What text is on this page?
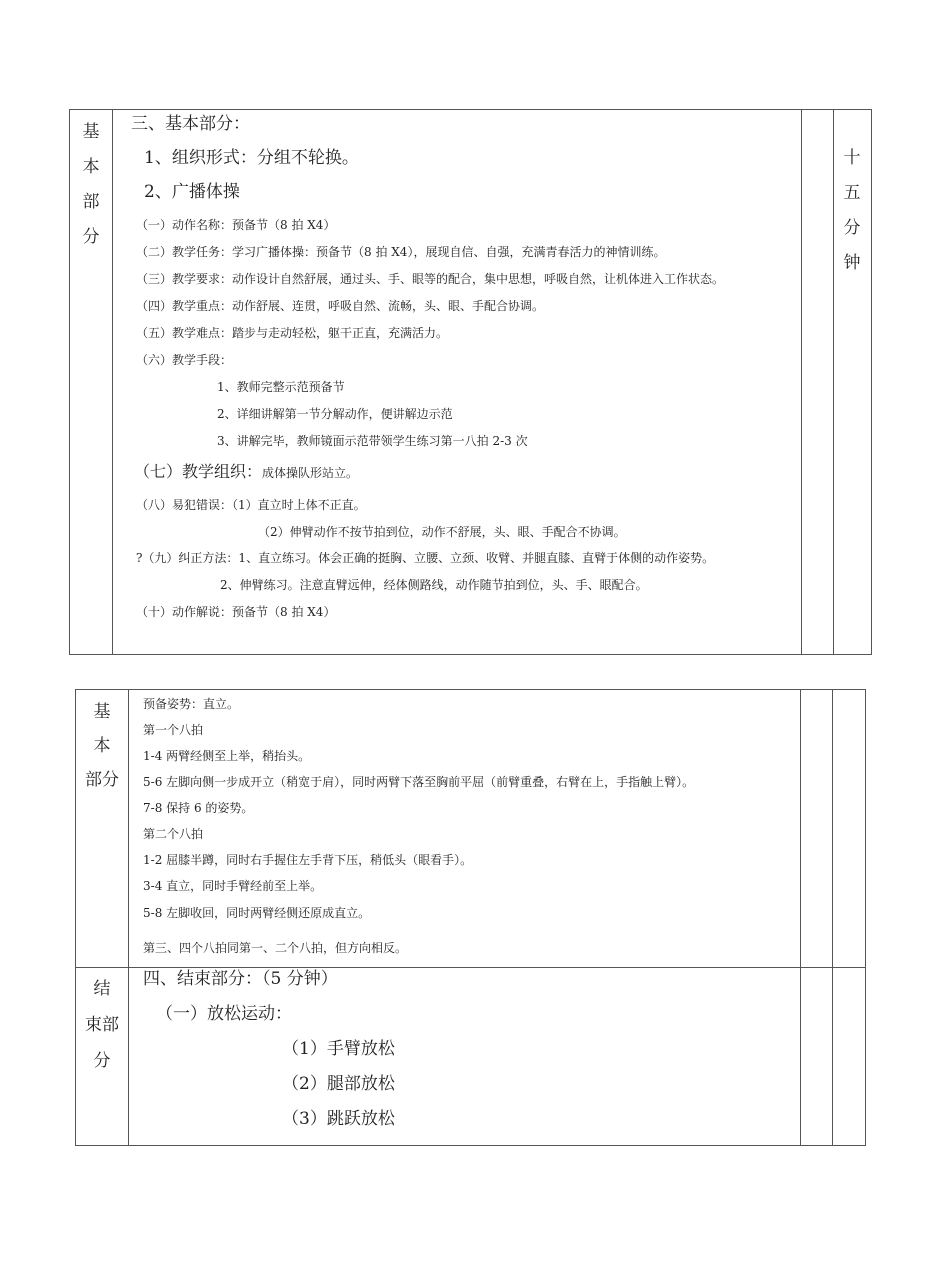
基
本
部
分
十
五
分
钟
三、基本部分：
1、组织形式：分组不轮换。
2、广播体操
（一）动作名称：预备节（8 拍 X4）
（二）教学任务：学习广播体操：预备节（8 拍 X4），展现自信、自强，充满青春活力的神情训练。
（三）教学要求：动作设计自然舒展，通过头、手、眼等的配合，集中思想，呼吸自然，让机体进入工作状态。
（四）教学重点：动作舒展、连贯，呼吸自然、流畅，头、眼、手配合协调。
（五）教学难点：踏步与走动轻松，躯干正直，充满活力。
（六）教学手段：
1、教师完整示范预备节
2、详细讲解第一节分解动作，便讲解边示范
3、讲解完毕，教师镜面示范带领学生练习第一八拍 2-3 次
（七）教学组织：成体操队形站立。
（八）易犯错误：（1）直立时上体不正直。
（2）伸臂动作不按节拍到位，动作不舒展，头、眼、手配合不协调。
?（九）纠正方法：1、直立练习。体会正确的挺胸、立腰、立颈、收臂、并腿直膝、直臂于体侧的动作姿势。
2、伸臂练习。注意直臂远伸，经体侧路线，动作随节拍到位，头、手、眼配合。
（十）动作解说：预备节（8 拍 X4）
基
本
部分
预备姿势：直立。
第一个八拍
1-4 两臂经侧至上举，稍抬头。
5-6 左脚向侧一步成开立（稍宽于肩），同时两臂下落至胸前平屈（前臂重叠，右臂在上，手指触上臂）。
7-8 保持 6 的姿势。
第二个八拍
1-2 屈膝半蹲，同时右手握住左手背下压，稍低头（眼看手）。
3-4 直立，同时手臂经前至上举。
5-8 左脚收回，同时两臂经侧还原成直立。
第三、四个八拍同第一、二个八拍，但方向相反。
结
束部
分
四、结束部分：（5 分钟）
（一）放松运动：
（1）手臂放松
（2）腿部放松
（3）跳跃放松
